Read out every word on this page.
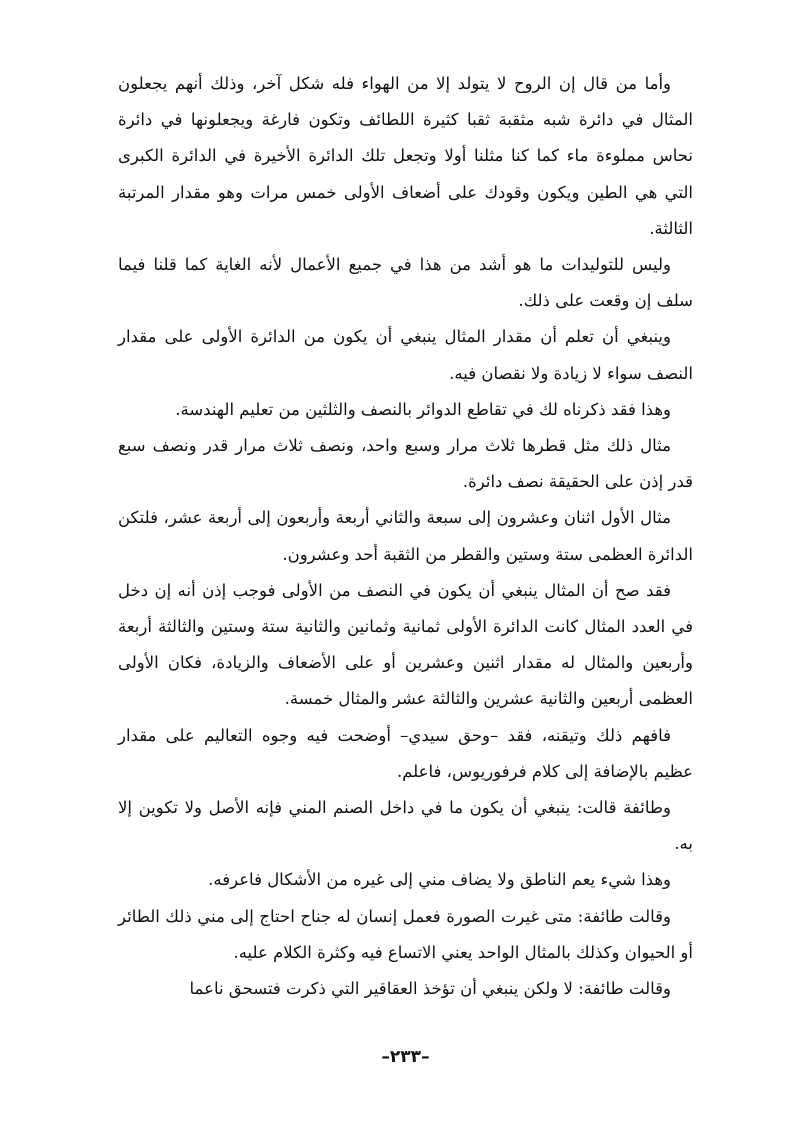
وأما من قال إن الروح لا يتولد إلا من الهواء فله شكل آخر، وذلك أنهم يجعلون المثال في دائرة شبه مثقبة ثقبا كثيرة اللطائف وتكون فارغة ويجعلونها في دائرة نحاس مملوءة ماء كما كنا مثلنا أولا وتجعل تلك الدائرة الأخيرة في الدائرة الكبرى التي هي الطين ويكون وقودك على أضعاف الأولى خمس مرات وهو مقدار المرتبة الثالثة.

وليس للتوليدات ما هو أشد من هذا في جميع الأعمال لأنه الغاية كما قلنا فيما سلف إن وقعت على ذلك.

وينبغي أن تعلم أن مقدار المثال ينبغي أن يكون من الدائرة الأولى على مقدار النصف سواء لا زيادة ولا نقصان فيه.

وهذا فقد ذكرناه لك في تقاطع الدوائر بالنصف والثلثين من تعليم الهندسة.

مثال ذلك مثل قطرها ثلاث مرار وسبع واحد، ونصف ثلاث مرار قدر ونصف سبع قدر إذن على الحقيقة نصف دائرة.

مثال الأول اثنان وعشرون إلى سبعة والثاني أربعة وأربعون إلى أربعة عشر، فلتكن الدائرة العظمى ستة وستين والقطر من الثقبة أحد وعشرون.

فقد صح أن المثال ينبغي أن يكون في النصف من الأولى فوجب إذن أنه إن دخل في العدد المثال كانت الدائرة الأولى ثمانية وثمانين والثانية ستة وستين والثالثة أربعة وأربعين والمثال له مقدار اثنين وعشرين أو على الأضعاف والزيادة، فكان الأولى العظمى أربعين والثانية عشرين والثالثة عشر والمثال خمسة.

فافهم ذلك وتيقنه، فقد –وحق سيدي– أوضحت فيه وجوه التعاليم على مقدار عظيم بالإضافة إلى كلام فرفوريوس، فاعلم.

وطائفة قالت: ينبغي أن يكون ما في داخل الصنم المني فإنه الأصل ولا تكوين إلا به.

وهذا شيء يعم الناطق ولا يضاف مني إلى غيره من الأشكال فاعرفه.

وقالت طائفة: متى غيرت الصورة فعمل إنسان له جناح احتاج إلى مني ذلك الطائر أو الحيوان وكذلك بالمثال الواحد يعني الاتساع فيه وكثرة الكلام عليه.

وقالت طائفة: لا ولكن ينبغي أن تؤخذ العقاقير التي ذكرت فتسحق ناعما

–٢٣٣–
